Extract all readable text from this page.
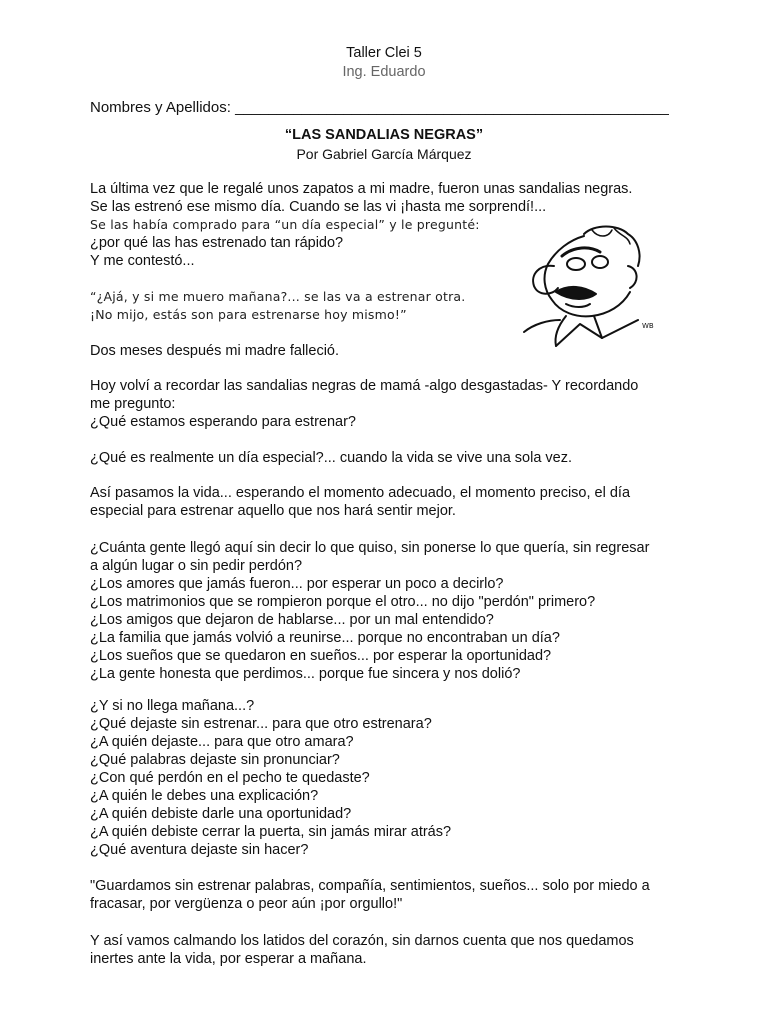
Taller Clei 5
Ing. Eduardo
Nombres y Apellidos: ____________________________________________________
“LAS SANDALIAS NEGRAS”
Por Gabriel García Márquez
La última vez que le regalé unos zapatos a mi madre, fueron unas sandalias negras.
Se las estrenó ese mismo día. Cuando se las vi ¡hasta me sorprendí!...
Se las había comprado para “un día especial” y le pregunté:
¿por qué las has estrenado tan rápido?
Y me contestó...
“¿Ajá, y si me muero mañana?... se las va a estrenar otra.
¡No mijo, estás son para estrenarse hoy mismo!”
Dos meses después mi madre falleció.
Hoy volví a recordar las sandalias negras de mamá -algo desgastadas- Y recordando
me pregunto:
¿Qué estamos esperando para estrenar?
¿Qué es realmente un día especial?... cuando la vida se vive una sola vez.
Así pasamos la vida... esperando el momento adecuado, el momento preciso, el día
especial para estrenar aquello que nos hará sentir mejor.
¿Cuánta gente llegó aquí sin decir lo que quiso, sin ponerse lo que quería, sin regresar
a algún lugar o sin pedir perdón?
¿Los amores que jamás fueron... por esperar un poco a decirlo?
¿Los matrimonios que se rompieron porque el otro... no dijo "perdón" primero?
¿Los amigos que dejaron de hablarse... por un mal entendido?
¿La familia que jamás volvió a reunirse... porque no encontraban un día?
¿Los sueños que se quedaron en sueños... por esperar la oportunidad?
¿La gente honesta que perdimos... porque fue sincera y nos dolió?
¿Y si no llega mañana...?
¿Qué dejaste sin estrenar... para que otro estrenara?
¿A quién dejaste... para que otro amara?
¿Qué palabras dejaste sin pronunciar?
¿Con qué perdón en el pecho te quedaste?
¿A quién le debes una explicación?
¿A quién debiste darle una oportunidad?
¿A quién debiste cerrar la puerta, sin jamás mirar atrás?
¿Qué aventura dejaste sin hacer?
"Guardamos sin estrenar palabras, compañía, sentimientos, sueños... solo por miedo a
fracasar, por vergüenza o peor aún ¡por orgullo!"
Y así vamos calmando los latidos del corazón, sin darnos cuenta que nos quedamos
inertes ante la vida, por esperar a mañana.
WB
